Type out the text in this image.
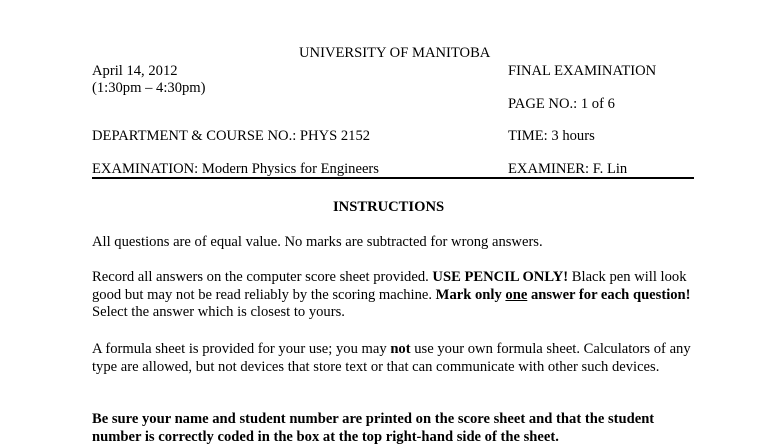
UNIVERSITY OF MANITOBA
April 14, 2012	FINAL EXAMINATION
(1:30pm – 4:30pm)
PAGE NO.: 1 of 6
DEPARTMENT & COURSE NO.: PHYS 2152	TIME: 3 hours
EXAMINATION: Modern Physics for Engineers	EXAMINER: F. Lin
INSTRUCTIONS
All questions are of equal value. No marks are subtracted for wrong answers.
Record all answers on the computer score sheet provided. USE PENCIL ONLY! Black pen will look good but may not be read reliably by the scoring machine. Mark only one answer for each question! Select the answer which is closest to yours.
A formula sheet is provided for your use; you may not use your own formula sheet. Calculators of any type are allowed, but not devices that store text or that can communicate with other such devices.
Be sure your name and student number are printed on the score sheet and that the student number is correctly coded in the box at the top right-hand side of the sheet.
